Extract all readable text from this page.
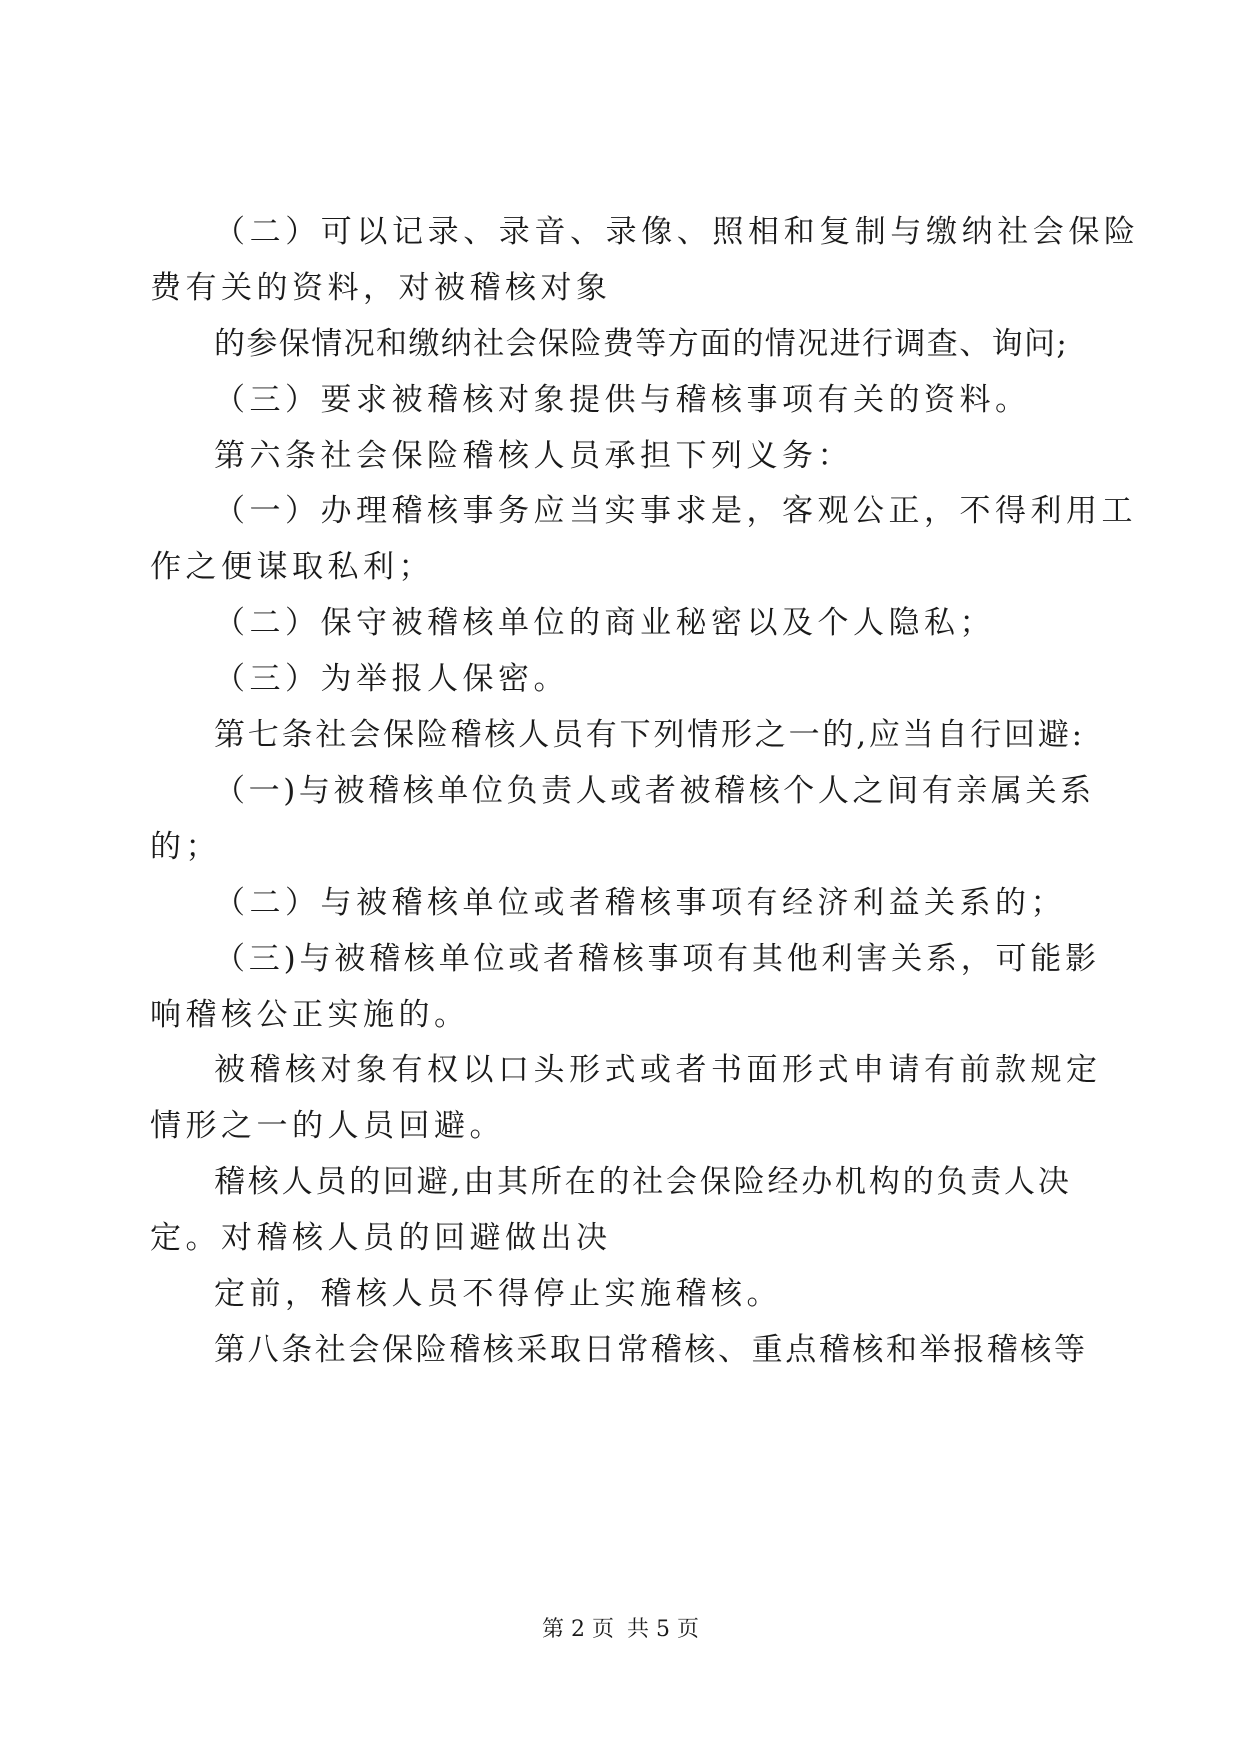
（二）可以记录、录音、录像、照相和复制与缴纳社会保险
费有关的资料，对被稽核对象
的参保情况和缴纳社会保险费等方面的情况进行调查、询问;
（三）要求被稽核对象提供与稽核事项有关的资料。
第六条社会保险稽核人员承担下列义务：
（一）办理稽核事务应当实事求是，客观公正，不得利用工
作之便谋取私利；
（二）保守被稽核单位的商业秘密以及个人隐私；
（三）为举报人保密。
第七条社会保险稽核人员有下列情形之一的,应当自行回避:
（一)与被稽核单位负责人或者被稽核个人之间有亲属关系
的；
（二）与被稽核单位或者稽核事项有经济利益关系的；
（三)与被稽核单位或者稽核事项有其他利害关系，可能影
响稽核公正实施的。
被稽核对象有权以口头形式或者书面形式申请有前款规定
情形之一的人员回避。
稽核人员的回避,由其所在的社会保险经办机构的负责人决
定。对稽核人员的回避做出决
定前，稽核人员不得停止实施稽核。
第八条社会保险稽核采取日常稽核、重点稽核和举报稽核等
第 2 页 共 5 页
